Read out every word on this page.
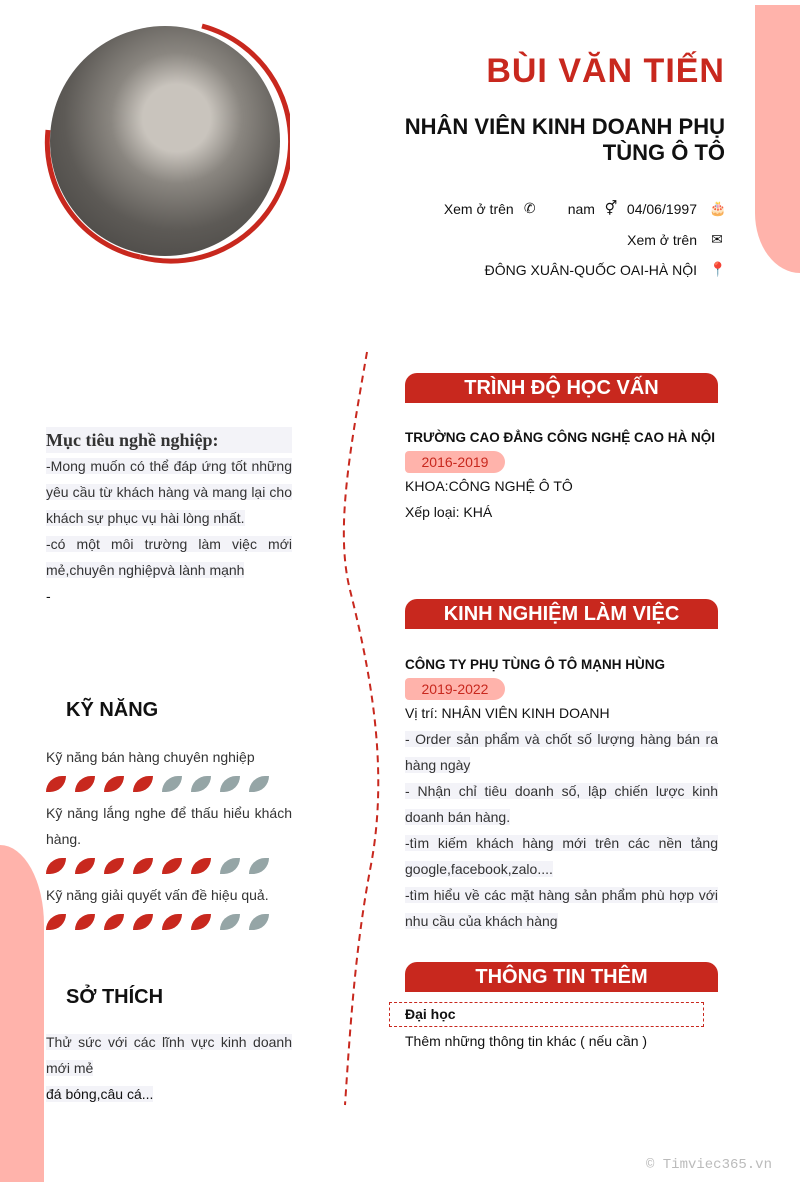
BÙI VĂN TIẾN
NHÂN VIÊN KINH DOANH PHỤ TÙNG Ô TÔ
Xem ở trên ✆ nam ⚥ 04/06/1997 🎂
Xem ở trên ✉
ĐÔNG XUÂN-QUỐC OAI-HÀ NỘI 📍
Mục tiêu nghề nghiệp:
-Mong muốn có thể đáp ứng tốt những yêu cầu từ khách hàng và mang lại cho khách sự phục vụ hài lòng nhất.
-có một môi trường làm việc mới mẻ,chuyên nghiệpvà lành mạnh
-
KỸ NĂNG
Kỹ năng bán hàng chuyên nghiệp
Kỹ năng lắng nghe để thấu hiểu khách hàng.
Kỹ năng giải quyết vấn đề hiệu quả.
SỞ THÍCH
Thử sức với các lĩnh vực kinh doanh mới mẻ
đá bóng,câu cá...
TRÌNH ĐỘ HỌC VẤN
TRƯỜNG CAO ĐẲNG CÔNG NGHỆ CAO HÀ NỘI
2016-2019
KHOA:CÔNG NGHỆ Ô TÔ
Xếp loại: KHÁ
KINH NGHIỆM LÀM VIỆC
CÔNG TY PHỤ TÙNG Ô TÔ MẠNH HÙNG
2019-2022
Vị trí: NHÂN VIÊN KINH DOANH
- Order sản phẩm và chốt số lượng hàng bán ra hàng ngày
- Nhận chỉ tiêu doanh số, lập chiến lược kinh doanh bán hàng.
-tìm kiếm khách hàng mới trên các nền tảng google,facebook,zalo....
-tìm hiểu về các mặt hàng sản phẩm phù hợp với nhu cầu của khách hàng
THÔNG TIN THÊM
Đại học
Thêm những thông tin khác ( nếu cần )
© Timviec365.vn
